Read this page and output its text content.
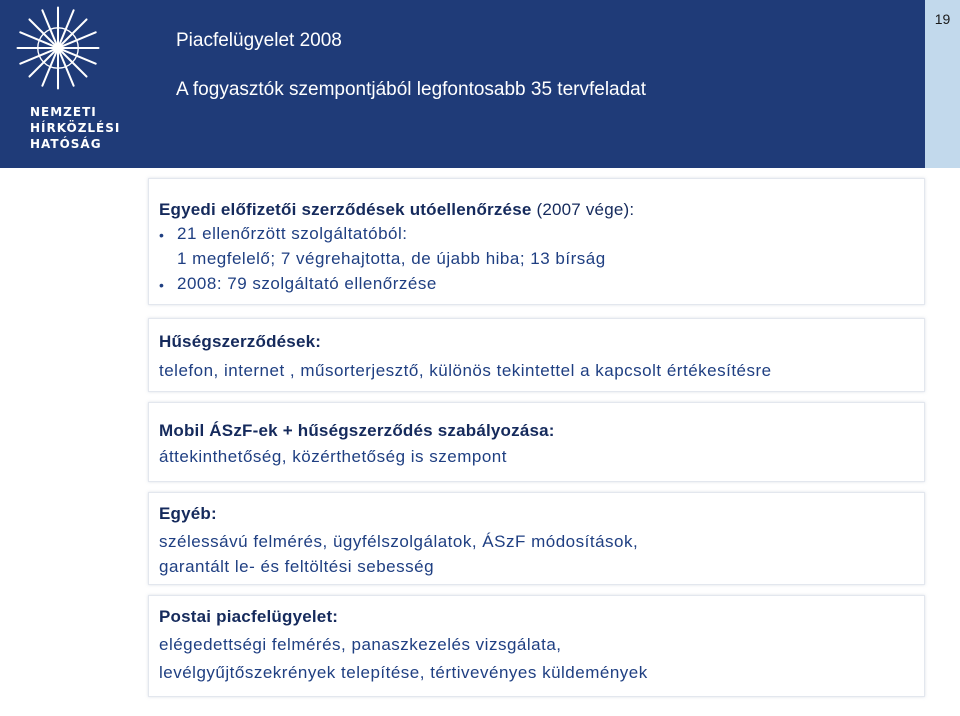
NEMZETI
HÍRKÖZLÉSI
HATÓSÁG
Piacfelügyelet 2008
A fogyasztók szempontjából legfontosabb 35 tervfeladat
19
Egyedi előfizetői szerződések utóellenőrzése (2007 vége):
• 21 ellenőrzött szolgáltatóból:
1 megfelelő; 7 végrehajtotta, de újabb hiba; 13 bírság
• 2008: 79 szolgáltató ellenőrzése
Hűségszerződések:
telefon, internet , műsorterjesztő, különös tekintettel a kapcsolt értékesítésre
Mobil ÁSzF-ek + hűségszerződés szabályozása:
áttekinthetőség, közérthetőség is szempont
Egyéb:
szélessávú felmérés, ügyfélszolgálatok, ÁSzF módosítások,
garantált le- és feltöltési sebesség
Postai piacfelügyelet:
elégedettségi felmérés, panaszkezelés vizsgálata,
levélgyűjtőszekrények telepítése, tértivevényes küldemények
